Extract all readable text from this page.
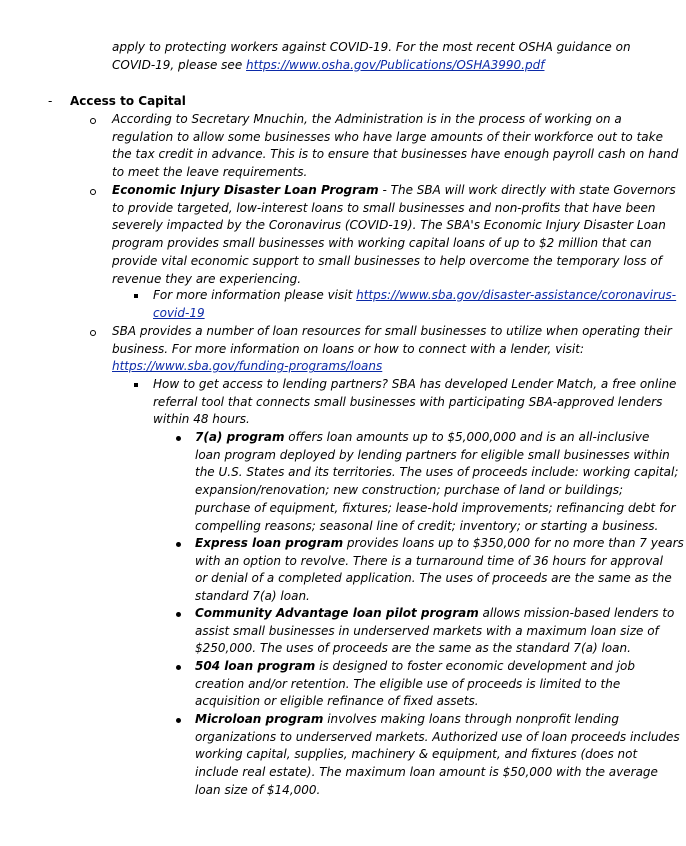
apply to protecting workers against COVID-19. For the most recent OSHA guidance on
COVID-19, please see https://www.osha.gov/Publications/OSHA3990.pdf
- Access to Capital
According to Secretary Mnuchin, the Administration is in the process of working on a
regulation to allow some businesses who have large amounts of their workforce out to take
the tax credit in advance. This is to ensure that businesses have enough payroll cash on hand
to meet the leave requirements.
Economic Injury Disaster Loan Program - The SBA will work directly with state Governors
to provide targeted, low-interest loans to small businesses and non-profits that have been
severely impacted by the Coronavirus (COVID-19). The SBA's Economic Injury Disaster Loan
program provides small businesses with working capital loans of up to $2 million that can
provide vital economic support to small businesses to help overcome the temporary loss of
revenue they are experiencing.
For more information please visit https://www.sba.gov/disaster-assistance/coronavirus-
covid-19
SBA provides a number of loan resources for small businesses to utilize when operating their
business. For more information on loans or how to connect with a lender, visit:
https://www.sba.gov/funding-programs/loans
How to get access to lending partners? SBA has developed Lender Match, a free online
referral tool that connects small businesses with participating SBA-approved lenders
within 48 hours.
7(a) program offers loan amounts up to $5,000,000 and is an all-inclusive
loan program deployed by lending partners for eligible small businesses within
the U.S. States and its territories. The uses of proceeds include: working capital;
expansion/renovation; new construction; purchase of land or buildings;
purchase of equipment, fixtures; lease-hold improvements; refinancing debt for
compelling reasons; seasonal line of credit; inventory; or starting a business.
Express loan program provides loans up to $350,000 for no more than 7 years
with an option to revolve. There is a turnaround time of 36 hours for approval
or denial of a completed application. The uses of proceeds are the same as the
standard 7(a) loan.
Community Advantage loan pilot program allows mission-based lenders to
assist small businesses in underserved markets with a maximum loan size of
$250,000. The uses of proceeds are the same as the standard 7(a) loan.
504 loan program is designed to foster economic development and job
creation and/or retention. The eligible use of proceeds is limited to the
acquisition or eligible refinance of fixed assets.
Microloan program involves making loans through nonprofit lending
organizations to underserved markets. Authorized use of loan proceeds includes
working capital, supplies, machinery & equipment, and fixtures (does not
include real estate). The maximum loan amount is $50,000 with the average
loan size of $14,000.
